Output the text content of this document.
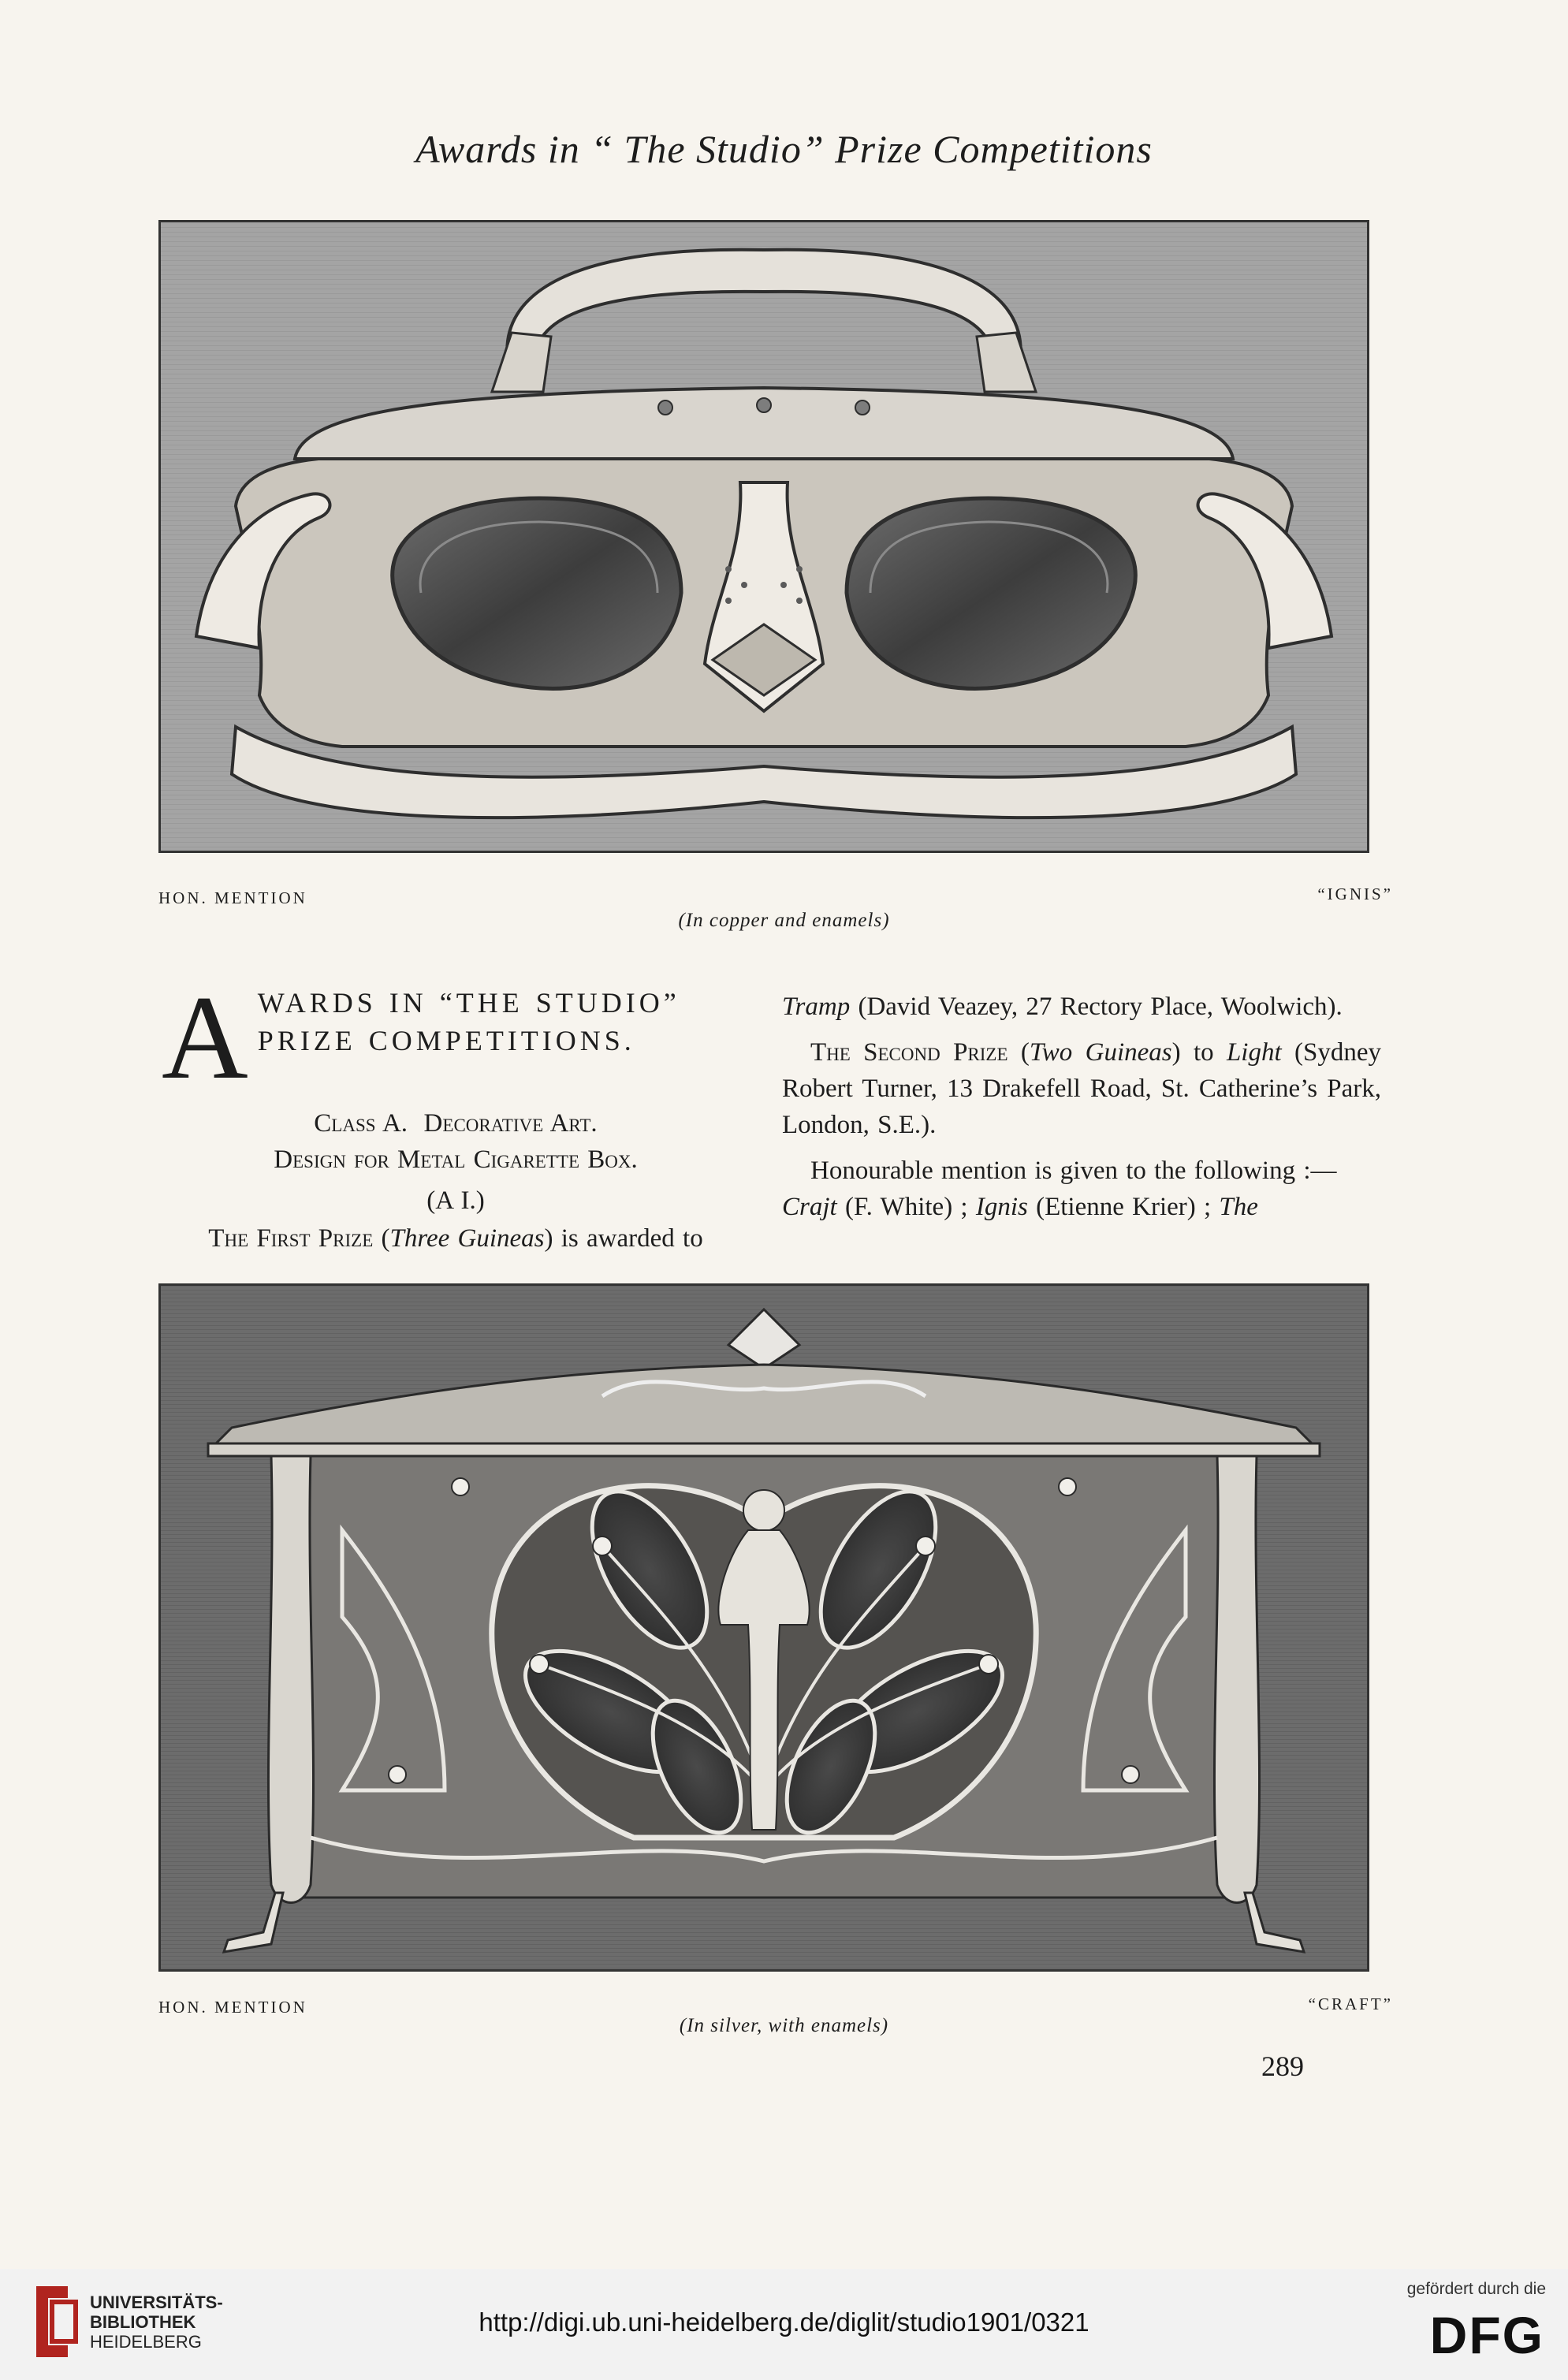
Awards in “ The Studio” Prize Competitions
HON. MENTION	“IGNIS”
(In copper and enamels)
A WARDS IN “THE STUDIO”
PRIZE COMPETITIONS.
Class A.  Decorative Art.
Design for Metal Cigarette Box.
(A I.)
The First Prize (Three Guineas) is awarded to
Tramp (David Veazey, 27 Rectory Place, Woolwich).
The Second Prize (Two Guineas) to Light (Sydney Robert Turner, 13 Drakefell Road, St. Catherine’s Park, London, S.E.).
Honourable mention is given to the following :—
Crajt (F. White) ; Ignis (Etienne Krier) ; The
HON. MENTION	“CRAFT”
(In silver, with enamels)
289
UNIVERSITÄTS-
BIBLIOTHEK
HEIDELBERG
http://digi.ub.uni-heidelberg.de/diglit/studio1901/0321
gefördert durch die
DFG
